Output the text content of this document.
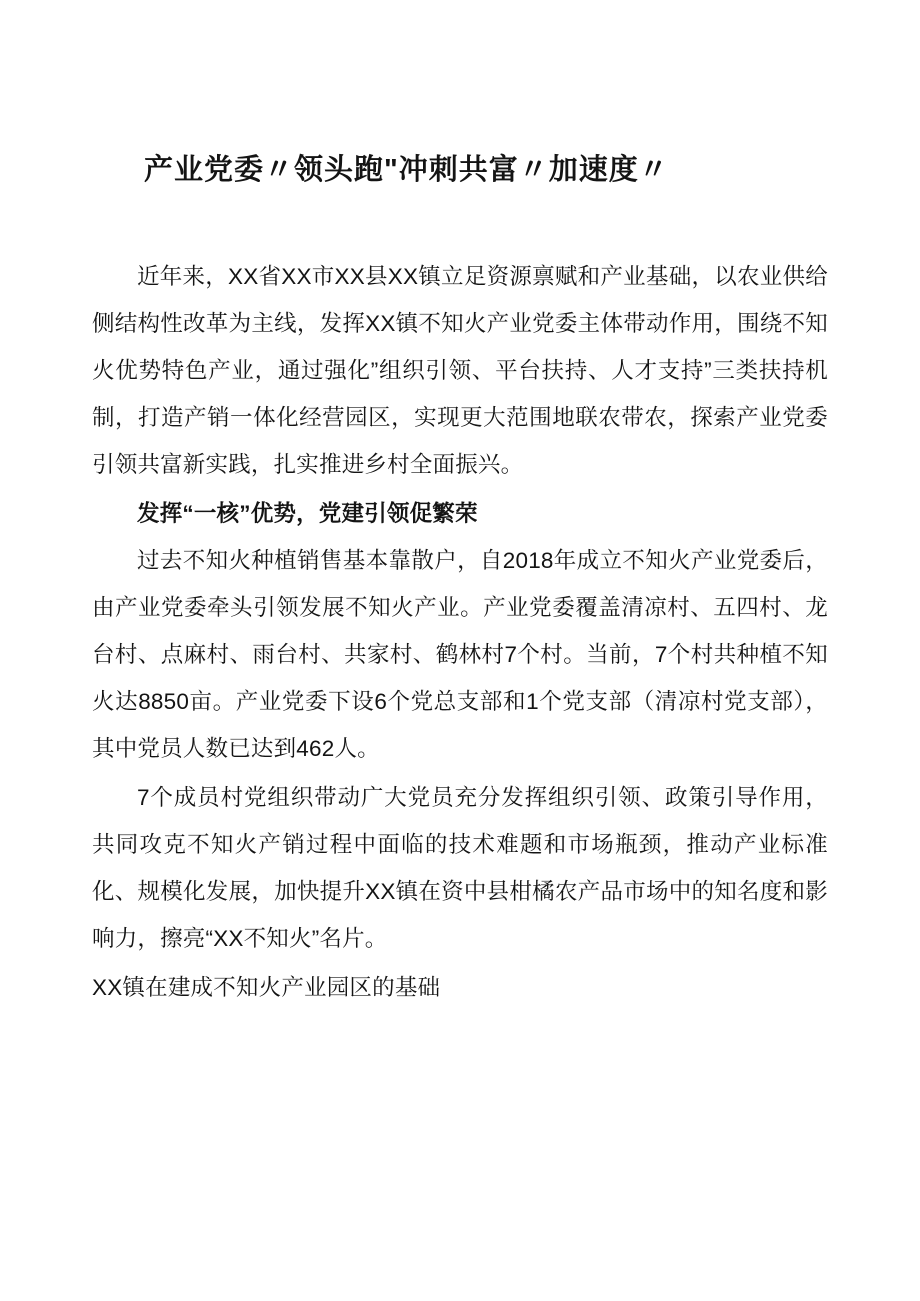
产业党委〃领头跑"冲刺共富〃加速度〃

近年来，XX省XX市XX县XX镇立足资源禀赋和产业基础，以农业供给侧结构性改革为主线，发挥XX镇不知火产业党委主体带动作用，围绕不知火优势特色产业，通过强化”组织引领、平台扶持、人才支持”三类扶持机制，打造产销一体化经营园区，实现更大范围地联农带农，探索产业党委引领共富新实践，扎实推进乡村全面振兴。

发挥“一核”优势，党建引领促繁荣

过去不知火种植销售基本靠散户，自2018年成立不知火产业党委后，由产业党委牵头引领发展不知火产业。产业党委覆盖清凉村、五四村、龙台村、点麻村、雨台村、共家村、鹤林村7个村。当前，7个村共种植不知火达8850亩。产业党委下设6个党总支部和1个党支部（清凉村党支部），其中党员人数已达到462人。

7个成员村党组织带动广大党员充分发挥组织引领、政策引导作用，共同攻克不知火产销过程中面临的技术难题和市场瓶颈，推动产业标准化、规模化发展，加快提升XX镇在资中县柑橘农产品市场中的知名度和影响力，擦亮“XX不知火”名片。

XX镇在建成不知火产业园区的基础
